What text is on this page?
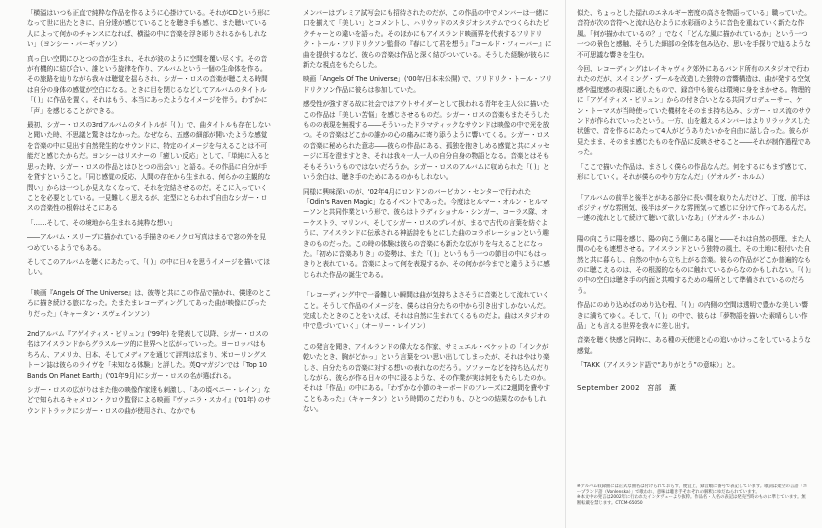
「横溢はいつも正直で純粋な作品を作るように心掛けている。それがCDという形になって世に出たときに、自分達が感じていることを聴き手も感じ、また聴いている人によって何かのチャンスになれば、横溢の中に音楽を浮き彫りされるかもしれない」（ヨンシー・バーギッソン）

真っ白い空間にひとつの音が生まれ、それが波のように空間を覆い尽くす。その音が有機的に結び合い、誰という旋律を作り、アルバムという一個の生命体を作る。その旅路を辿りながら我々は聴覚を揺らされ、シガー・ロスの音楽が聴こえる時間は自分の身体の感覚が空白になる。ときに目を閉じるなどしてアルバムのタイトル「( )」に作品を置く。それはもう、本当にあったようなイメージを伴う。わずかに「声」を感じることができる。

最初、シガー・ロスの3rdアルバムのタイトルが「( )」で、曲タイトルも存在しないと聞いた時、不思議と驚きはなかった。なぜなら、五感の細部が開いたような感覚を音楽の中に見出す自然発生的なサウンドに、特定のイメージを与えることは不可能だと感じたからだ。ヨンシーはリスナーの「癒しい反応」として、「単純に入ると思った時、シガー・ロスの作品とはひとつの出会い」と語る。その作品に自分が手を貸すということ。「同じ感覚の反応、人間の存在から生まれる、何らかの主観的な問い」からは一つしか見えなくなって、それを完結させるのだ。そこに入っていくことを必要としている。一見難しく思えるが、定型にとらわれず自由なシガー・ロスの音楽性の根幹はそこにある

「……そして、その境地から生まれる純粋な想い」

――アルバム・スリーブに描かれている手描きのモノクロ写真はまるで窓の外を見つめているようでもある。

そしてこのアルバムを聴くにあたって、「( )」の中に日々を思うイメージを描いてほしい。

「映画『Angels Of The Universe』は、彼等と共にこの作品で描かれ、僕達のところに描き続ける旅になった。たまたまレコーディングしてあった曲が映像にぴったりだった」（キャータン・スヴェインソン）

2ndアルバム『アゲイティス・ビリュン』('99年) を発表して以降、シガー・ロスの名はアイスランドからグラスルーツ的に世界へと広がっていった。ヨーロッパはもちろん、アメリカ、日本、そしてメディアを通じて評判は広まり、米ローリングストーン誌は彼らのライヴを「未知なる体験」と評した。英Qマガジンでは「Top 10 Bands On Planet Earth」('01年9月)にシガー・ロスの名が選ばれる。

シガー・ロスの広がりはまた他の映像作家達も刺激し、「あの頃ペニー・レイン」などで知られるキャメロン・クロウ監督による映画『ヴァニラ・スカイ』('01年) のサウンドトラックにシガー・ロスの曲が使用され、なかでも

メンバーはプレミア試写会にも招待されたのだが、この作品の中でメンバーは一緒に口を揃えて「美しい」とコメントし、ハリウッドのスタジオシステムでつくられたピクチャーとの違いを語った。そのほかにもアイスランド映画界を代表するフリドリク・トール・フリドリクソン監督の『春にして君を想う』『コールド・フィーバー』に曲を提供するなど、彼らの音楽は作品と深く結びついている。そうした経験が彼らに新たな視点をもたらした。

映画「Angels Of The Universe」('00年/日本未公開) で、フリドリク・トール・フリドリクソン作品に彼らは参加していた。

感受性が強すぎる故に社会ではアウトサイダーとして扱われる青年を主人公に描いたこの作品は「美しい苦悩」を感じさせるものだ。シガー・ロスの音楽もまたそうしたものの表現を無視する――そういったドラマティックなサウンドは映像の中で光を放つ。その音楽はどこかの誰かの心の痛みに寄り添うように響いてくる。シガー・ロスの音楽に秘められた意志――彼らの作品にある、孤独を抱きしめる感覚と共にメッセージに耳を澄ますとき、それは我々一人一人の自分自身の物語となる。音楽とはそもそもそういうものではないだろうか。シガー・ロスのアルバムに収められた「( )」という余白は、聴き手のためにあるのかもしれない。

同様に興味深いのが、'02年4月にロンドンのバービカン・センターで行われた「Odin's Raven Magic」なるイベントであった。今度はヒルマー・オルン・ヒルマーソンと共同作業という形で、彼らはトラディショナル・シンガー、コーラス隊、オーケストラ、マリンバ、そしてシガー・ロスのプレイが、まるで古代の言葉を紡ぐように、アイスランドに伝承される神話詩をもとにした曲のコラボレーションという趣きのものだった。この時の体験は彼らの音楽にも新たな広がりを与えることになった。「初めに音楽ありき」の姿勢は、また「( )」というもう一つの節目の中にもはっきりと表れている。音楽によって何を表現するか、その何かが今までと違うように感じられた作品の誕生である。

「レコーディング中で一番難しい瞬間は曲が気持ちよさそうに音楽として流れていくこと。そうして作品のイメージを、僕らは自分たちの中から引き出すしかないんだ。完成したときのことをいえば、それは自然に生まれてくるものだよ。曲はスタジオの中で息づいていく」（オーリー・レイソン）

この発言を聞き、アイルランドの偉大なる作家、サミュエル・ベケットの「インクが乾いたとき、胸がどかっ」という言葉をつい思い出してしまったが、それはやはり楽しさ、自分たちの音楽に対する想いの表れなのだろう。ソファーなどを持ち込んだりしながら、彼らが作る日々の中に浸るような、その作業が実は何をもたらしたのか。それは「作品」の中にある。「わずかな小節のキーボードのフレーズに2週間を費やすこともあった」（キャータン）という時間のこだわりも、ひとつの結果なのかもしれない。

似た、ちょっとした揺れのエネルギー密度の高さを物語っている」職っていた。音符が次の音符へと流れ込むように水彩画のように音色を重ねていく新たな作風。「何が描かれているの？」でなく「どんな風に描かれているか」という一つ一つの景色と感触、そうした細部の全体を包み込む、思いを手探りで辿るような不可思議な響きを生む。

今回、レコーディングはレイキャヴィク郊外にあるバンド所有のスタジオで行われたのだが、スイミング・プールを改造した独特の音響構造は、曲が発する空気感や温度感の表現に適したもので、録音中も彼らは環境に身をまかせる。物理的に「アゲイティス・ビリュン」からの付き合いとなる共同プロデューサー、ケン・トーマスが当時使っていた機材をそのまま持ち込み、シガー・ロス流のサウンドが作られていったという。一方、山を越えるメンバーはよりリラックスした状態で、音を作るにあたって4人がどうありたいかを自由に話し合った。彼らが見たまま、そのまま感じたものを作品に反映させること――それが制作過程であった。

「ここで描いた作品は、まさしく僕らの作品なんだ。何をするにもまず感じて、形にしていく。それが僕らのやり方なんだ」（ゲオルグ・ホルム）

「アルバムの前半と後半とがある部分に長い間を取りたんだけど、丁度、前半はポジティヴな雰囲気、後半はダークな雰囲気って感じに分けて作ってあるんだ。一連の流れとして続けて聴いて欲しいなあ」（ゲオルグ・ホルム）

陽の向こうに陽を感じ、陽の向こう側にある闇と――それは自然の摂理、また人間の心をも連想させる。アイスランドという独特の風土、その土地に根付いた自然と共に暮らし、自然の中から立ち上がる音楽。彼らの作品がどこか普遍的なものに聴こえるのは、その根源的なものに触れているからなのかもしれない。「( )」の中の空白は聴き手の内面と共鳴するための場所として準備されているのだろう。

作品にのめり込めばのめり込む程、「( )」の内側の空間は透明で豊かな美しい響きに満ちてゆく。そして、「( )」の中で、彼らは「夢物語を描いた素晴らしい作品」とも言える世界を我々に差し出す。

音楽を聴く快感と同時に、ある種の天使達と心の追いかけっこをしているような感覚。

「TAKK（アイスランド語で“ありがとう”の意味）」と。

September 2002　宮部　薫

※アルバム収録曲には正式な曲名は付けられておらず、便宜上、録音順に番号で表記しています。歌詞は架空の言語「ホープランド語（Vonlenska）」で歌われ、意味は聴き手それぞれの解釈にゆだねられています。
※本文中の発言は2002年に行われたインタヴューより抜粋。作品名・人名の表記は発売当時のものに準じています。無断転載を禁じます。CTCM-65050
